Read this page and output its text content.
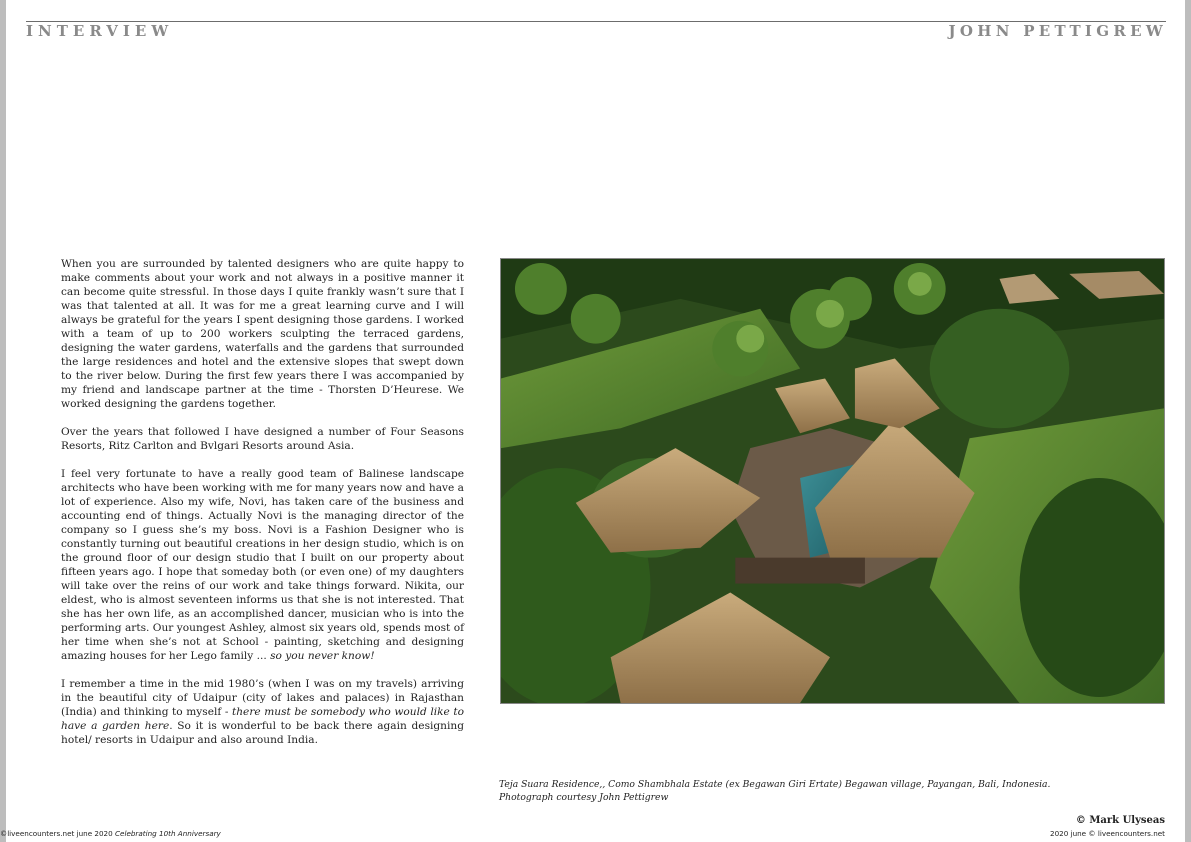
INTERVIEW	JOHN PETTIGREW

When you are surrounded by talented designers who are quite happy to make comments about your work and not always in a positive manner it can become quite stressful. In those days I quite frankly wasn’t sure that I was that talented at all. It was for me a great learning curve and I will always be grateful for the years I spent designing those gardens. I worked with a team of up to 200 workers sculpting the terraced gardens, designing the water gardens, waterfalls and the gardens that surrounded the large residences and hotel and the extensive slopes that swept down to the river below. During the first few years there I was accompanied by my friend and landscape partner at the time - Thorsten D’Heurese. We worked designing the gardens together.

Over the years that followed I have designed a number of Four Seasons Resorts, Ritz Carlton and Bvlgari Resorts around Asia.

I feel very fortunate to have a really good team of Balinese landscape architects who have been working with me for many years now and have a lot of experience. Also my wife, Novi, has taken care of the business and accounting end of things. Actually Novi is the managing director of the company so I guess she’s my boss. Novi is a Fashion Designer who is constantly turning out beautiful creations in her design studio, which is on the ground floor of our design studio that I built on our property about fifteen years ago. I hope that someday both (or even one) of my daughters will take over the reins of our work and take things forward. Nikita, our eldest, who is almost seventeen informs us that she is not interested. That she has her own life, as an accomplished dancer, musician who is into the performing arts. Our youngest Ashley, almost six years old, spends most of her time when she’s not at School - painting, sketching and designing amazing houses for her Lego family ... so you never know!

I remember a time in the mid 1980’s (when I was on my travels) arriving in the beautiful city of Udaipur (city of lakes and palaces) in Rajasthan (India) and thinking to myself - there must be somebody who would like to have a garden here. So it is wonderful to be back there again designing hotel/ resorts in Udaipur and also around India.

Teja Suara Residence,, Como Shambhala Estate (ex Begawan Giri Ertate) Begawan village, Payangan, Bali, Indonesia.
Photograph courtesy John Pettigrew
©liveencounters.net june 2020 Celebrating 10th Anniversary
© Mark Ulyseas
2020 june © liveencounters.net
